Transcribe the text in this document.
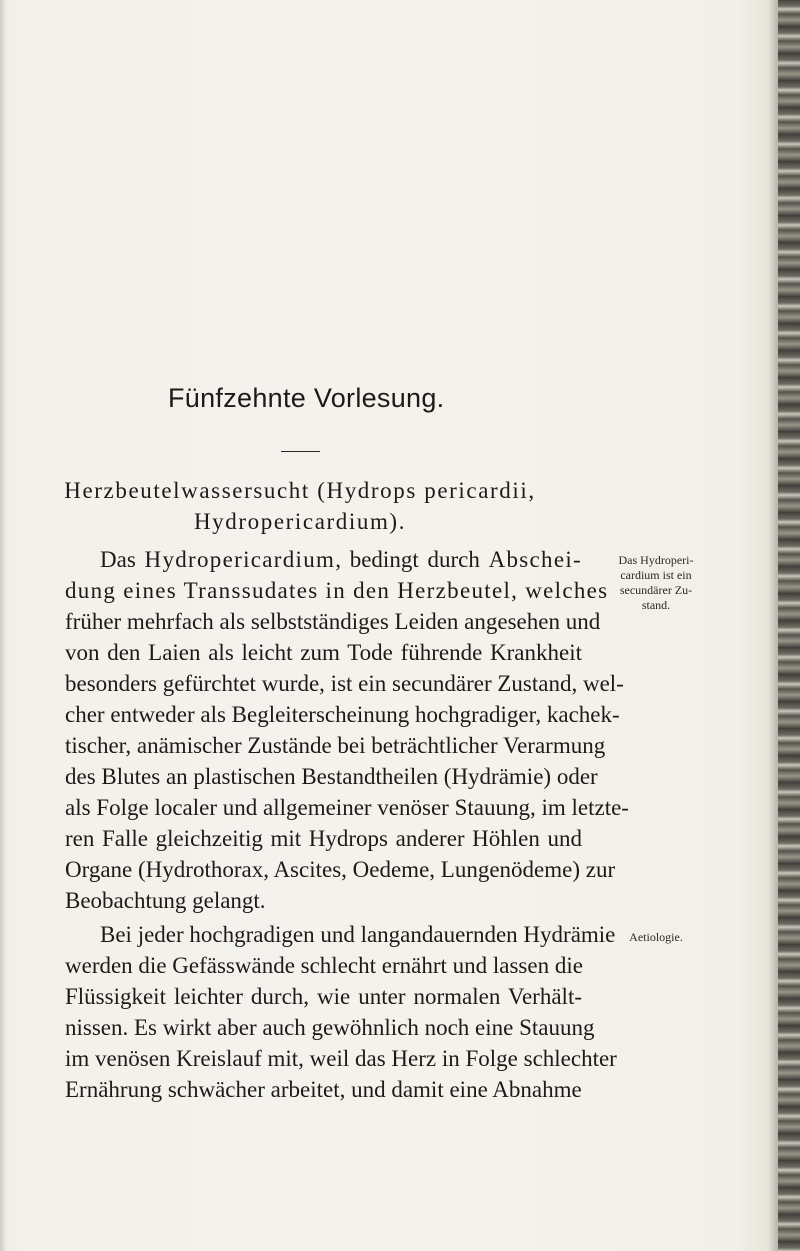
Fünfzehnte Vorlesung.
Herzbeutelwassersucht (Hydrops pericardii,
Hydropericardium).
Das Hydropericardium, bedingt durch Abschei-
dung eines Transsudates in den Herzbeutel, welches
früher mehrfach als selbstständiges Leiden angesehen und
von den Laien als leicht zum Tode führende Krankheit
besonders gefürchtet wurde, ist ein secundärer Zustand, wel-
cher entweder als Begleiterscheinung hochgradiger, kachek-
tischer, anämischer Zustände bei beträchtlicher Verarmung
des Blutes an plastischen Bestandtheilen (Hydrämie) oder
als Folge localer und allgemeiner venöser Stauung, im letzte-
ren Falle gleichzeitig mit Hydrops anderer Höhlen und
Organe (Hydrothorax, Ascites, Oedeme, Lungenödeme) zur
Beobachtung gelangt.
Bei jeder hochgradigen und langandauernden Hydrämie
werden die Gefässwände schlecht ernährt und lassen die
Flüssigkeit leichter durch, wie unter normalen Verhält-
nissen. Es wirkt aber auch gewöhnlich noch eine Stauung
im venösen Kreislauf mit, weil das Herz in Folge schlechter
Ernährung schwächer arbeitet, und damit eine Abnahme
Das Hydroperi-
cardium ist ein
secundärer Zu-
stand.
Aetiologie.
